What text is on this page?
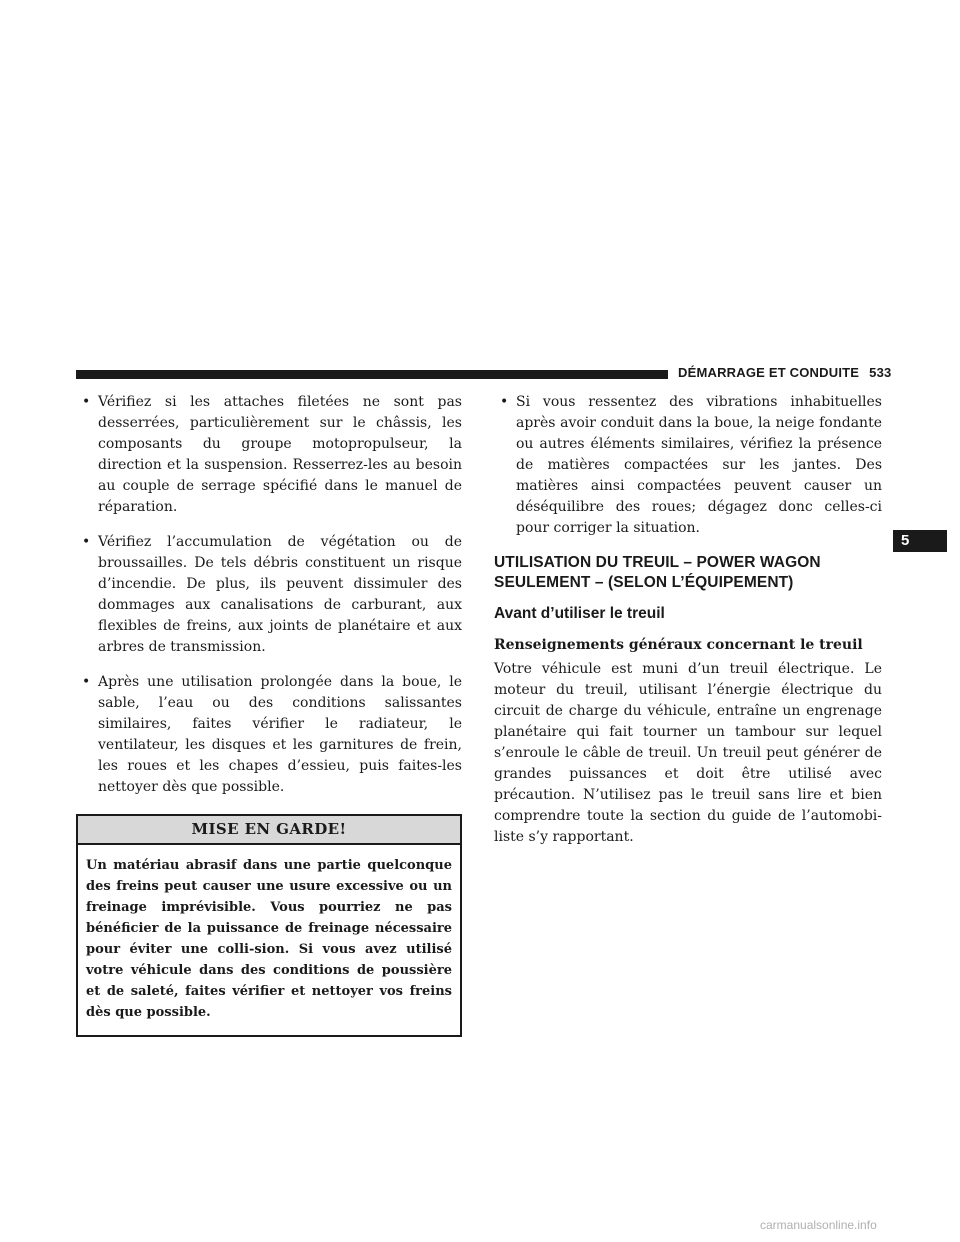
DÉMARRAGE ET CONDUITE 533
5
• Vérifiez si les attaches filetées ne sont pas desserrées, particulièrement sur le châssis, les composants du groupe motopropulseur, la direction et la suspension. Resserrez-les au besoin au couple de serrage spécifié dans le manuel de réparation.
• Vérifiez l’accumulation de végétation ou de broussailles. De tels débris constituent un risque d’incendie. De plus, ils peuvent dissimuler des dommages aux canalisations de carburant, aux flexibles de freins, aux joints de planétaire et aux arbres de transmission.
• Après une utilisation prolongée dans la boue, le sable, l’eau ou des conditions salissantes similaires, faites vérifier le radiateur, le ventilateur, les disques et les garnitures de frein, les roues et les chapes d’essieu, puis faites-les nettoyer dès que possible.
MISE EN GARDE!
Un matériau abrasif dans une partie quelconque des freins peut causer une usure excessive ou un freinage imprévisible. Vous pourriez ne pas bénéficier de la puissance de freinage nécessaire pour éviter une colli-sion. Si vous avez utilisé votre véhicule dans des conditions de poussière et de saleté, faites vérifier et nettoyer vos freins dès que possible.
• Si vous ressentez des vibrations inhabituelles après avoir conduit dans la boue, la neige fondante ou autres éléments similaires, vérifiez la présence de matières compactées sur les jantes. Des matières ainsi compactées peuvent causer un déséquilibre des roues; dégagez donc celles-ci pour corriger la situation.
UTILISATION DU TREUIL – POWER WAGON
SEULEMENT – (SELON L’ÉQUIPEMENT)
Avant d’utiliser le treuil
Renseignements généraux concernant le treuil

Votre véhicule est muni d’un treuil électrique. Le moteur du treuil, utilisant l’énergie électrique du circuit de charge du véhicule, entraîne un engrenage planétaire qui fait tourner un tambour sur lequel s’enroule le câble de treuil. Un treuil peut générer de grandes puissances et doit être utilisé avec précaution. N’utilisez pas le treuil sans lire et bien comprendre toute la section du guide de l’automobi-liste s’y rapportant.

carmanualsonline.info
